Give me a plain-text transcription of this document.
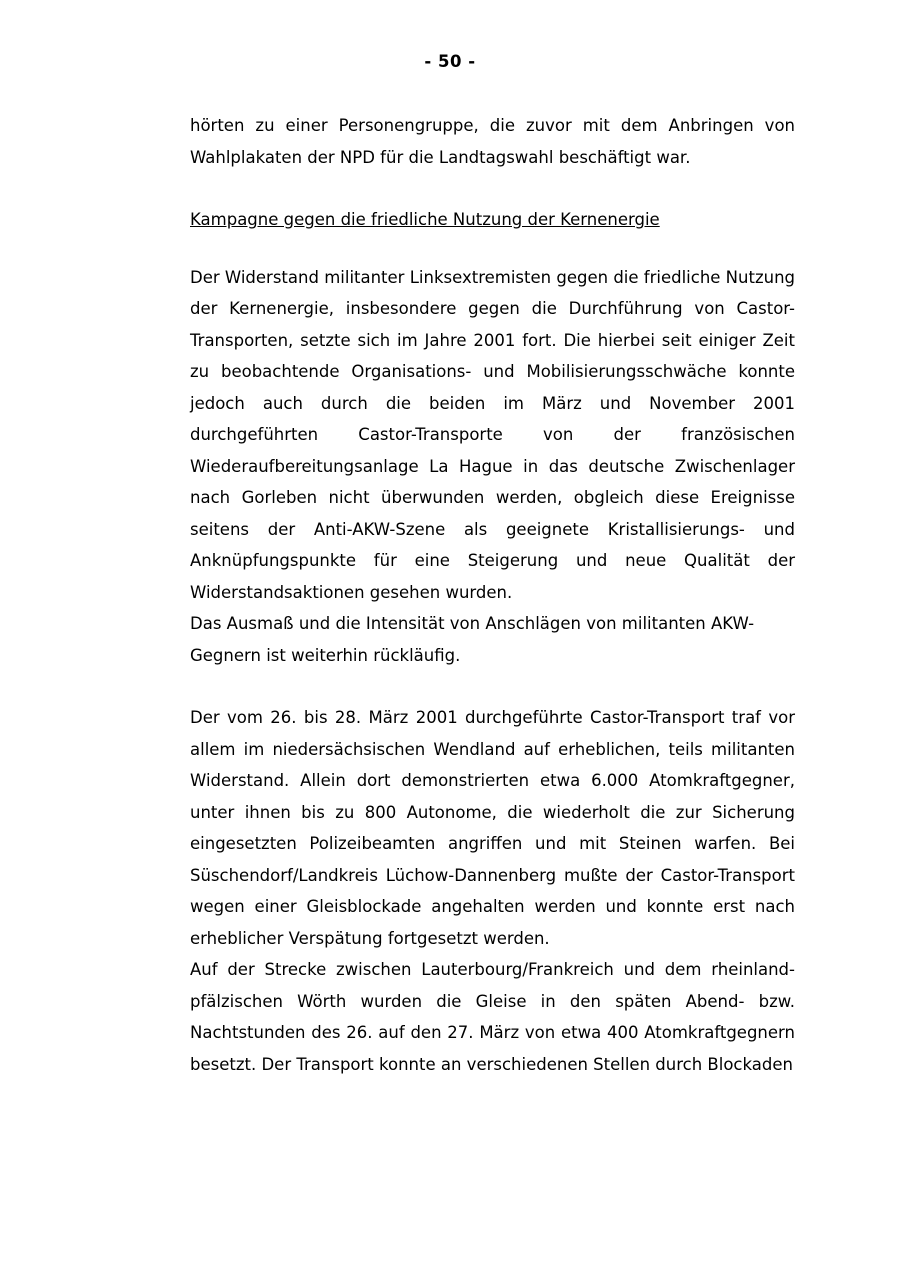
- 50 -

hörten zu einer Personengruppe, die zuvor mit dem Anbringen von Wahlplakaten der NPD für die Landtagswahl beschäftigt war.

Kampagne gegen die friedliche Nutzung der Kernenergie

Der Widerstand militanter Linksextremisten gegen die friedliche Nutzung der Kernenergie, insbesondere gegen die Durchführung von Castor-Transporten, setzte sich im Jahre 2001 fort. Die hierbei seit einiger Zeit zu beobachtende Organisations- und Mobilisierungsschwäche konnte jedoch auch durch die beiden im März und November 2001 durchgeführten Castor-Transporte von der französischen Wiederaufbereitungsanlage La Hague in das deutsche Zwischenlager nach Gorleben nicht überwunden werden, obgleich diese Ereignisse seitens der Anti-AKW-Szene als geeignete Kristallisierungs- und Anknüpfungspunkte für eine Steigerung und neue Qualität der Widerstandsaktionen gesehen wurden.

Das Ausmaß und die Intensität von Anschlägen von militanten AKW-Gegnern ist weiterhin rückläufig.

Der vom 26. bis 28. März 2001 durchgeführte Castor-Transport traf vor allem im niedersächsischen Wendland auf erheblichen, teils militanten Widerstand. Allein dort demonstrierten etwa 6.000 Atomkraftgegner, unter ihnen bis zu 800 Autonome, die wiederholt die zur Sicherung eingesetzten Polizeibeamten angriffen und mit Steinen warfen. Bei Süschendorf/Landkreis Lüchow-Dannenberg mußte der Castor-Transport wegen einer Gleisblockade angehalten werden und konnte erst nach erheblicher Verspätung fortgesetzt werden.

Auf der Strecke zwischen Lauterbourg/Frankreich und dem rheinland-pfälzischen Wörth wurden die Gleise in den späten Abend- bzw. Nachtstunden des 26. auf den 27. März von etwa 400 Atomkraftgegnern besetzt. Der Transport konnte an verschiedenen Stellen durch Blockaden
